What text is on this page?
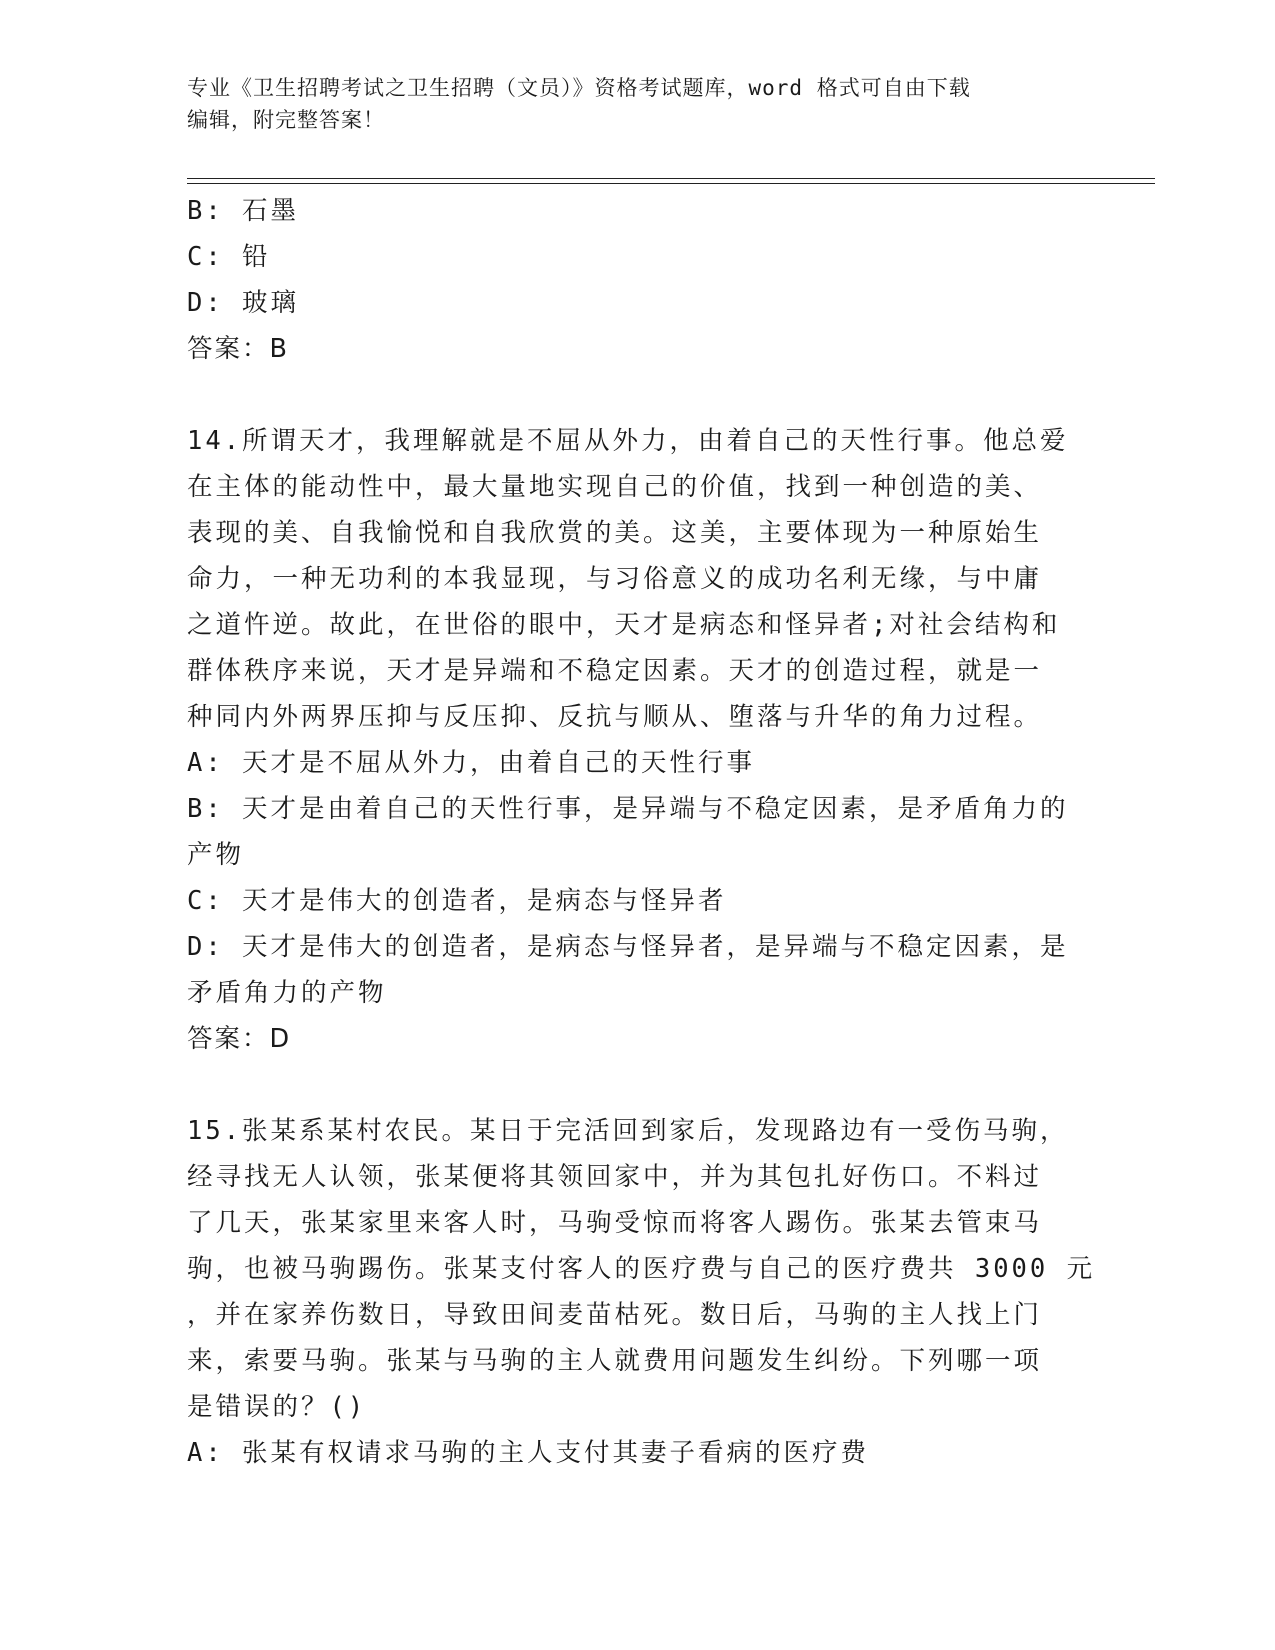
专业《卫生招聘考试之卫生招聘（文员）》资格考试题库，word 格式可自由下载
编辑，附完整答案！
B: 石墨
C: 铅
D: 玻璃
答案：B
14.所谓天才，我理解就是不屈从外力，由着自己的天性行事。他总爱
在主体的能动性中，最大量地实现自己的价值，找到一种创造的美、
表现的美、自我愉悦和自我欣赏的美。这美，主要体现为一种原始生
命力，一种无功利的本我显现，与习俗意义的成功名利无缘，与中庸
之道忤逆。故此，在世俗的眼中，天才是病态和怪异者;对社会结构和
群体秩序来说，天才是异端和不稳定因素。天才的创造过程，就是一
种同内外两界压抑与反压抑、反抗与顺从、堕落与升华的角力过程。
A: 天才是不屈从外力，由着自己的天性行事
B: 天才是由着自己的天性行事，是异端与不稳定因素，是矛盾角力的
产物
C: 天才是伟大的创造者，是病态与怪异者
D: 天才是伟大的创造者，是病态与怪异者，是异端与不稳定因素，是
矛盾角力的产物
答案：D
15.张某系某村农民。某日于完活回到家后，发现路边有一受伤马驹，
经寻找无人认领，张某便将其领回家中，并为其包扎好伤口。不料过
了几天，张某家里来客人时，马驹受惊而将客人踢伤。张某去管束马
驹，也被马驹踢伤。张某支付客人的医疗费与自己的医疗费共 3000 元
，并在家养伤数日，导致田间麦苗枯死。数日后，马驹的主人找上门
来，索要马驹。张某与马驹的主人就费用问题发生纠纷。下列哪一项
是错误的？()
A: 张某有权请求马驹的主人支付其妻子看病的医疗费
